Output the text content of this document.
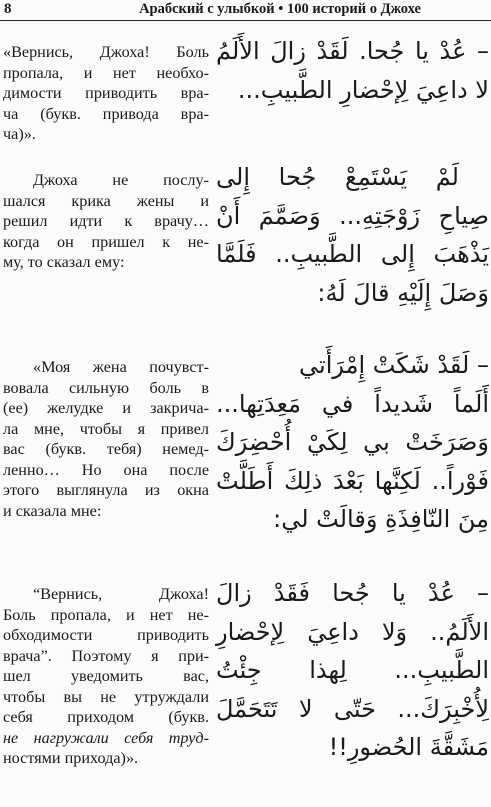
8	Арабский с улыбкой • 100 историй о Джохе
«Вернись, Джоха! Боль
пропала, и нет необхо-
димости приводить вра-
ча (букв. привода вра-
ча)».
Джоха не послу-
шался крика жены и
решил идти к врачу…
когда он пришел к не-
му, то сказал ему:
«Моя жена почувст-
вовала сильную боль в
(ее) желудке и закрича-
ла мне, чтобы я привел
вас (букв. тебя) немед-
ленно… Но она после
этого выглянула из окна
и сказала мне:
“Вернись, Джоха!
Боль пропала, и нет не-
обходимости приводить
врача”. Поэтому я при-
шел уведомить вас,
чтобы вы не утруждали
себя приходом (букв.
не нагружали себя труд-
ностями прихода)».
– عُدْ يا جُحا. لَقَدْ زالَ الأَلَمُ
لا داعِيَ لِإحْضارِ الطَّبيبِ...
لَمْ يَسْتَمِعْ جُحا إِلى
صِياحِ زَوْجَتِهِ... وَصَمَّمَ أَنْ
يَذْهَبَ إِلى الطَّبيبِ.. فَلَمَّا
وَصَلَ إِلَيْهِ قالَ لَهُ:
– لَقَدْ شَكَتْ إِمْرَأَتي
أَلَماً شَديداً في مَعِدَتِها...
وَصَرَخَتْ بي لِكَيْ أُحْضِرَكَ
فَوْراً.. لَكِنَّها بَعْدَ ذلِكَ أَطَلَّتْ
مِنَ النّافِذَةِ وَقالَتْ لي:
– عُدْ يا جُحا فَقَدْ زالَ
الأَلَمُ.. وَلا داعِيَ لِإحْضارِ
الطَّبيبِ... لِهذا جِئْتُ
لِأُخْبِرَكَ... حَتّى لا تَتَحَمَّلَ
مَشَقَّةَ الحُضورِ!!
